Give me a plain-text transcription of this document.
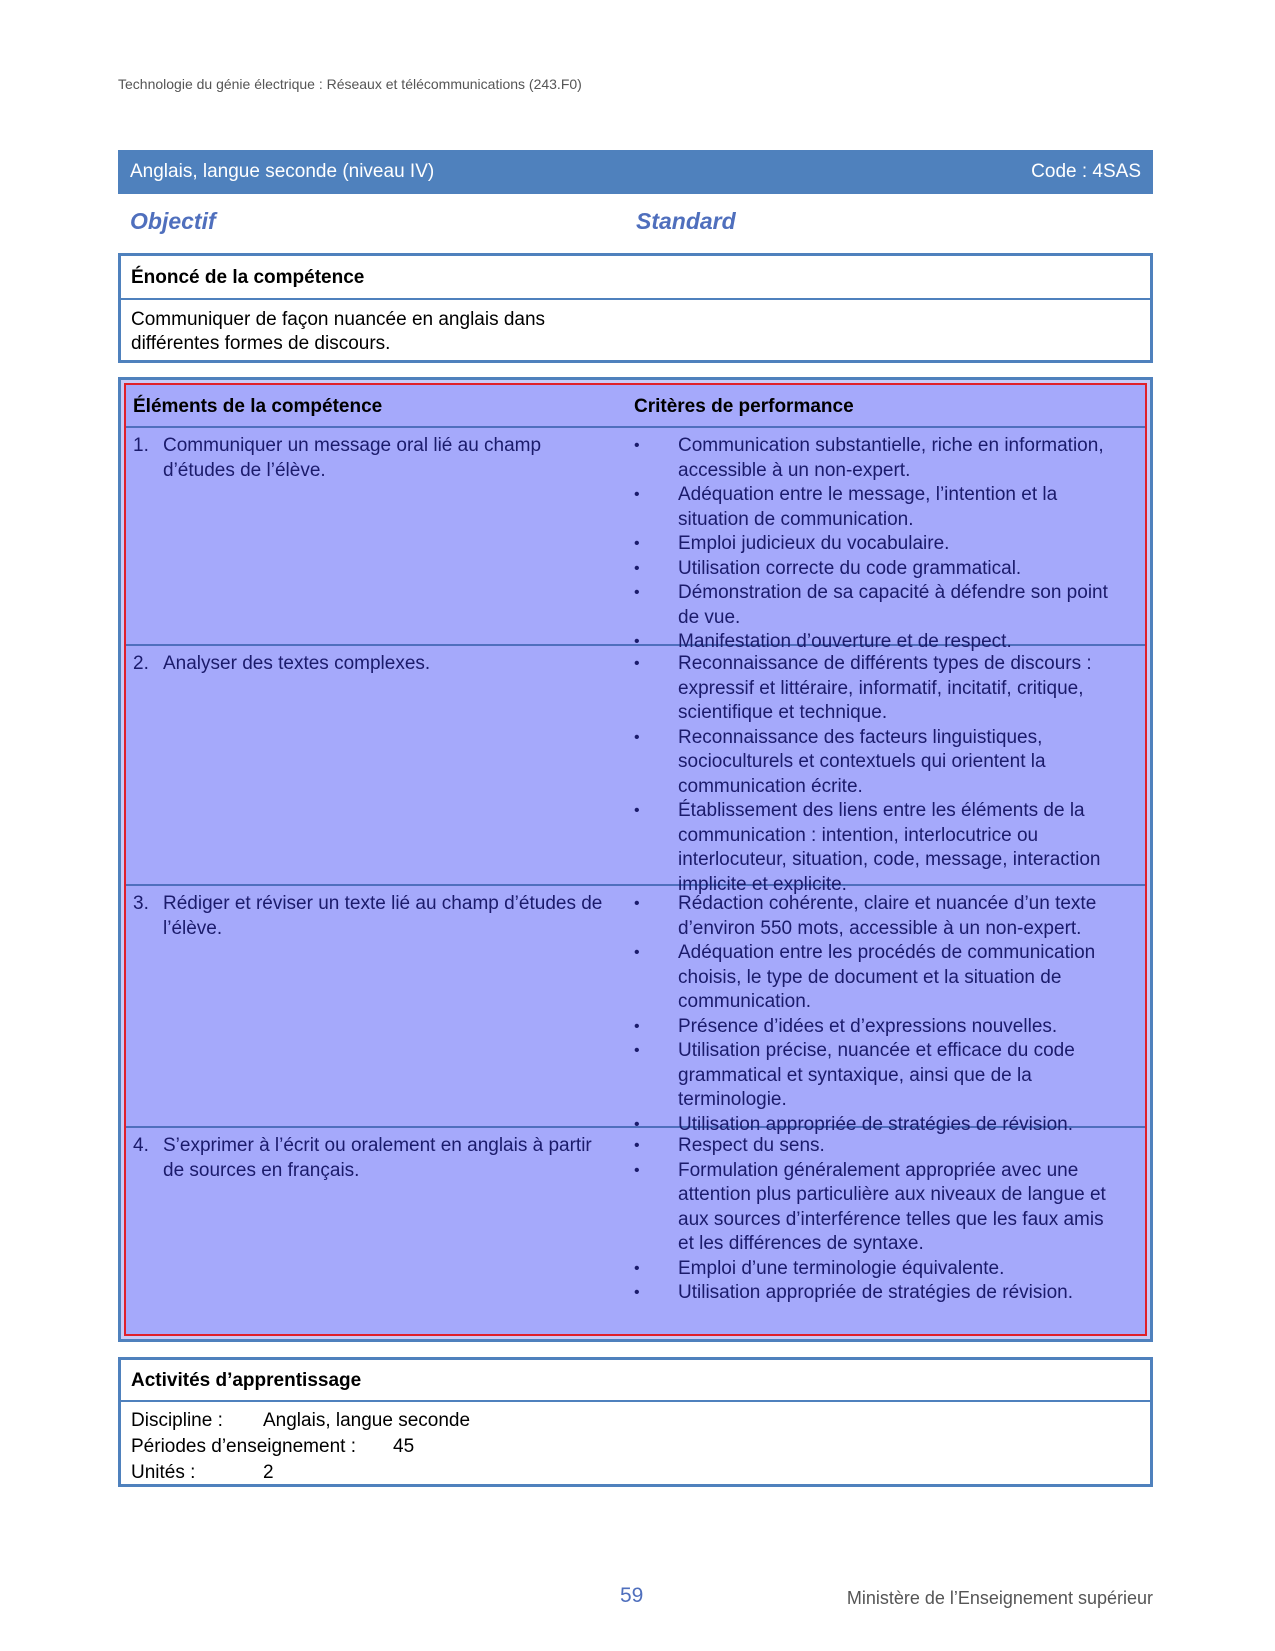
Technologie du génie électrique : Réseaux et télécommunications (243.F0)
Anglais, langue seconde (niveau IV)	Code : 4SAS
Objectif	Standard
Énoncé de la compétence
Communiquer de façon nuancée en anglais dans différentes formes de discours.
Éléments de la compétence	Critères de performance
1. Communiquer un message oral lié au champ d’études de l’élève.
• Communication substantielle, riche en information, accessible à un non-expert.
• Adéquation entre le message, l’intention et la situation de communication.
• Emploi judicieux du vocabulaire.
• Utilisation correcte du code grammatical.
• Démonstration de sa capacité à défendre son point de vue.
• Manifestation d’ouverture et de respect.
2. Analyser des textes complexes.	• Reconnaissance de différents types de discours : expressif et littéraire, informatif, incitatif, critique, scientifique et technique.
• Reconnaissance des facteurs linguistiques, socioculturels et contextuels qui orientent la communication écrite.
• Établissement des liens entre les éléments de la communication : intention, interlocutrice ou interlocuteur, situation, code, message, interaction implicite et explicite.
3. Rédiger et réviser un texte lié au champ d’études de l’élève.
• Rédaction cohérente, claire et nuancée d’un texte d’environ 550 mots, accessible à un non-expert.
• Adéquation entre les procédés de communication choisis, le type de document et la situation de communication.
• Présence d’idées et d’expressions nouvelles.
• Utilisation précise, nuancée et efficace du code grammatical et syntaxique, ainsi que de la terminologie.
• Utilisation appropriée de stratégies de révision.
4. S’exprimer à l’écrit ou oralement en anglais à partir de sources en français.
• Respect du sens.
• Formulation généralement appropriée avec une attention plus particulière aux niveaux de langue et aux sources d’interférence telles que les faux amis et les différences de syntaxe.
• Emploi d’une terminologie équivalente.
• Utilisation appropriée de stratégies de révision.
Activités d’apprentissage
Discipline :	Anglais, langue seconde
Périodes d’enseignement :	45
Unités :	2
59	Ministère de l’Enseignement supérieur
